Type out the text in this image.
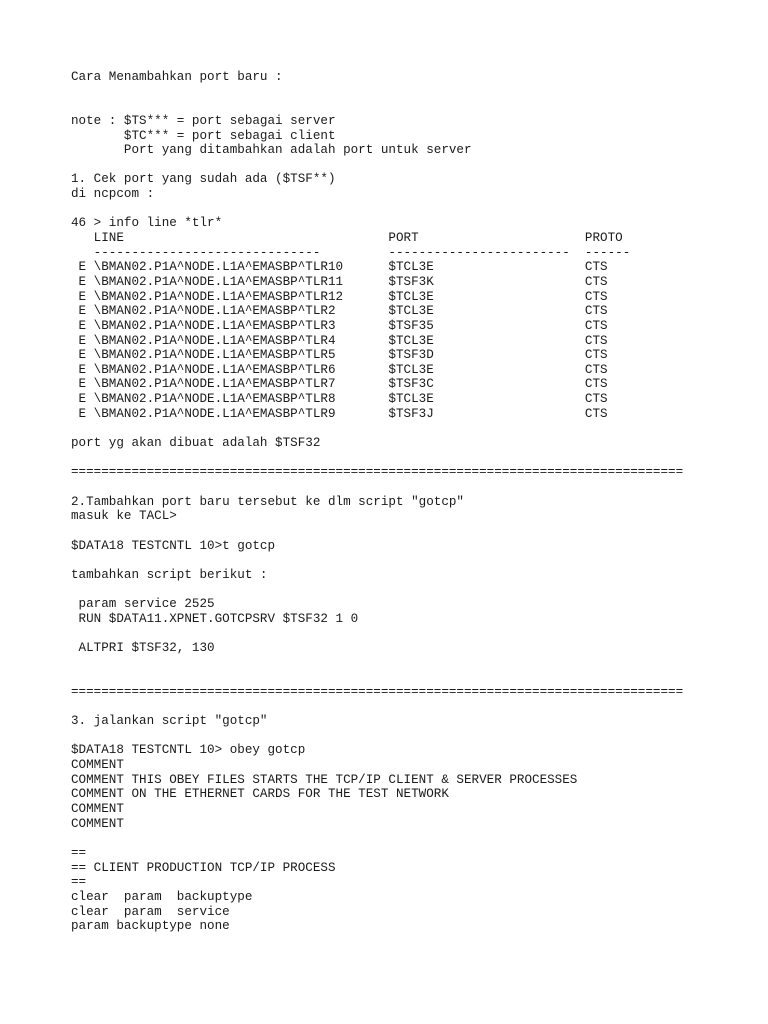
Cara Menambahkan port baru :
note : $TS*** = port sebagai server
$TC*** = port sebagai client
Port yang ditambahkan adalah port untuk server
1. Cek port yang sudah ada ($TSF**)
di ncpcom :
46 > info line *tlr*
LINE                                   PORT                      PROTO
------------------------------         ------------------------  ------
E \BMAN02.P1A^NODE.L1A^EMASBP^TLR10      $TCL3E                    CTS
E \BMAN02.P1A^NODE.L1A^EMASBP^TLR11      $TSF3K                    CTS
E \BMAN02.P1A^NODE.L1A^EMASBP^TLR12      $TCL3E                    CTS
E \BMAN02.P1A^NODE.L1A^EMASBP^TLR2       $TCL3E                    CTS
E \BMAN02.P1A^NODE.L1A^EMASBP^TLR3       $TSF35                    CTS
E \BMAN02.P1A^NODE.L1A^EMASBP^TLR4       $TCL3E                    CTS
E \BMAN02.P1A^NODE.L1A^EMASBP^TLR5       $TSF3D                    CTS
E \BMAN02.P1A^NODE.L1A^EMASBP^TLR6       $TCL3E                    CTS
E \BMAN02.P1A^NODE.L1A^EMASBP^TLR7       $TSF3C                    CTS
E \BMAN02.P1A^NODE.L1A^EMASBP^TLR8       $TCL3E                    CTS
E \BMAN02.P1A^NODE.L1A^EMASBP^TLR9       $TSF3J                    CTS
port yg akan dibuat adalah $TSF32
=================================================================================
2.Tambahkan port baru tersebut ke dlm script "gotcp"
masuk ke TACL>
$DATA18 TESTCNTL 10>t gotcp
tambahkan script berikut :
param service 2525
RUN $DATA11.XPNET.GOTCPSRV $TSF32 1 0
ALTPRI $TSF32, 130
=================================================================================
3. jalankan script "gotcp"
$DATA18 TESTCNTL 10> obey gotcp
COMMENT
COMMENT THIS OBEY FILES STARTS THE TCP/IP CLIENT & SERVER PROCESSES
COMMENT ON THE ETHERNET CARDS FOR THE TEST NETWORK
COMMENT
COMMENT
==
== CLIENT PRODUCTION TCP/IP PROCESS
==
clear  param  backuptype
clear  param  service
param backuptype none
